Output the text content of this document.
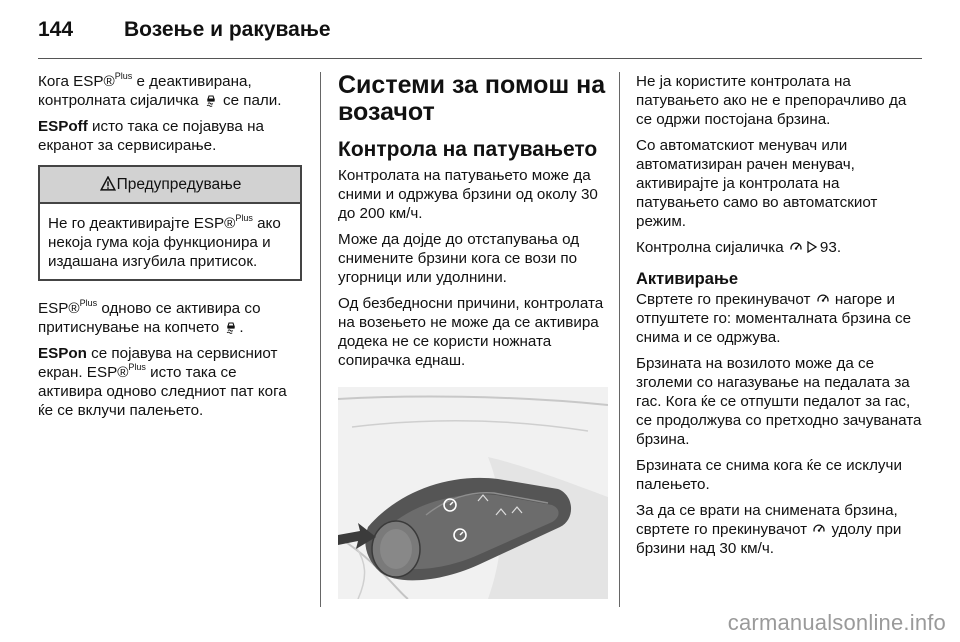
144	Возење и ракување

Кога ESP®$^{Plus}$ е деактивирана, контролната сијаличка  се пали.

ESPoff исто така се појавува на екранот за сервисирање.

Предупредување
Не го деактивирајте ESP®$^{Plus}$ ако некоја гума која функционира и издашана изгубила притисок.

ESP®$^{Plus}$ одново се активира со притиснување на копчето .

ESPon се појавува на сервисниот екран. ESP®$^{Plus}$ исто така се активира одново следниот пат кога ќе се вклучи палењето.

Системи за помош на возачот
Контрола на патувањето

Контролата на патувањето може да сними и одржува брзини од околу 30 до 200 км/ч.

Може да дојде до отстапувања од снимените брзини кога се вози по угорници или удолнини.

Од безбедносни причини, контролата на возењето не може да се активира додека не се користи ножната сопирачка еднаш.

Не ја користите контролата на патувањето ако не е препорачливо да се одржи постојана брзина.

Со автоматскиот менувач или автоматизиран рачен менувач, активирајте ја контролата на патувањето само во автоматскиот режим.

Контролна сијаличка 93.

Активирање

Свртете го прекинувачот  нагоре и отпуштете го: моменталната брзина се снима и се одржува.

Брзината на возилото може да се зголеми со нагазување на педалата за гас. Кога ќе се отпушти педалот за гас, се продолжува со претходно зачуваната брзина.

Брзината се снима кога ќе се исклучи палењето.

За да се врати на снимената брзина, свртете го прекинувачот  удолу при брзини над 30 км/ч.

carmanualsonline.info
